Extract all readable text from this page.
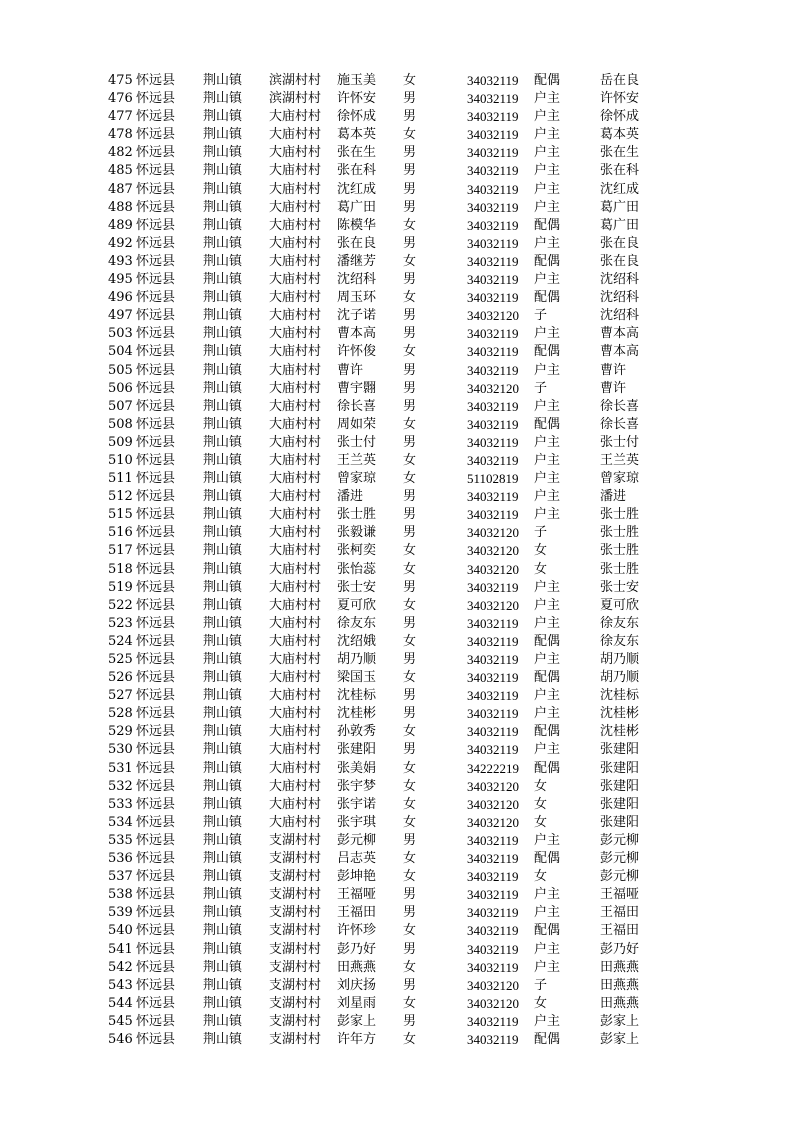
475 怀远县	荆山镇	滨湖村村	施玉美	女	34032119	配偶	岳在良
476 怀远县	荆山镇	滨湖村村	许怀安	男	34032119	户主	许怀安
477 怀远县	荆山镇	大庙村村	徐怀成	男	34032119	户主	徐怀成
478 怀远县	荆山镇	大庙村村	葛本英	女	34032119	户主	葛本英
482 怀远县	荆山镇	大庙村村	张在生	男	34032119	户主	张在生
485 怀远县	荆山镇	大庙村村	张在科	男	34032119	户主	张在科
487 怀远县	荆山镇	大庙村村	沈红成	男	34032119	户主	沈红成
488 怀远县	荆山镇	大庙村村	葛广田	男	34032119	户主	葛广田
489 怀远县	荆山镇	大庙村村	陈模华	女	34032119	配偶	葛广田
492 怀远县	荆山镇	大庙村村	张在良	男	34032119	户主	张在良
493 怀远县	荆山镇	大庙村村	潘继芳	女	34032119	配偶	张在良
495 怀远县	荆山镇	大庙村村	沈绍科	男	34032119	户主	沈绍科
496 怀远县	荆山镇	大庙村村	周玉环	女	34032119	配偶	沈绍科
497 怀远县	荆山镇	大庙村村	沈子诺	男	34032120	子	沈绍科
503 怀远县	荆山镇	大庙村村	曹本高	男	34032119	户主	曹本高
504 怀远县	荆山镇	大庙村村	许怀俊	女	34032119	配偶	曹本高
505 怀远县	荆山镇	大庙村村	曹许	男	34032119	户主	曹许
506 怀远县	荆山镇	大庙村村	曹宇翾	男	34032120	子	曹许
507 怀远县	荆山镇	大庙村村	徐长喜	男	34032119	户主	徐长喜
508 怀远县	荆山镇	大庙村村	周如荣	女	34032119	配偶	徐长喜
509 怀远县	荆山镇	大庙村村	张士付	男	34032119	户主	张士付
510 怀远县	荆山镇	大庙村村	王兰英	女	34032119	户主	王兰英
511 怀远县	荆山镇	大庙村村	曾家琼	女	51102819	户主	曾家琼
512 怀远县	荆山镇	大庙村村	潘进	男	34032119	户主	潘进
515 怀远县	荆山镇	大庙村村	张士胜	男	34032119	户主	张士胜
516 怀远县	荆山镇	大庙村村	张毅谦	男	34032120	子	张士胜
517 怀远县	荆山镇	大庙村村	张柯奕	女	34032120	女	张士胜
518 怀远县	荆山镇	大庙村村	张怡蕊	女	34032120	女	张士胜
519 怀远县	荆山镇	大庙村村	张士安	男	34032119	户主	张士安
522 怀远县	荆山镇	大庙村村	夏可欣	女	34032120	户主	夏可欣
523 怀远县	荆山镇	大庙村村	徐友东	男	34032119	户主	徐友东
524 怀远县	荆山镇	大庙村村	沈绍娥	女	34032119	配偶	徐友东
525 怀远县	荆山镇	大庙村村	胡乃顺	男	34032119	户主	胡乃顺
526 怀远县	荆山镇	大庙村村	梁国玉	女	34032119	配偶	胡乃顺
527 怀远县	荆山镇	大庙村村	沈桂标	男	34032119	户主	沈桂标
528 怀远县	荆山镇	大庙村村	沈桂彬	男	34032119	户主	沈桂彬
529 怀远县	荆山镇	大庙村村	孙敦秀	女	34032119	配偶	沈桂彬
530 怀远县	荆山镇	大庙村村	张建阳	男	34032119	户主	张建阳
531 怀远县	荆山镇	大庙村村	张美娟	女	34222219	配偶	张建阳
532 怀远县	荆山镇	大庙村村	张宇梦	女	34032120	女	张建阳
533 怀远县	荆山镇	大庙村村	张宇诺	女	34032120	女	张建阳
534 怀远县	荆山镇	大庙村村	张宇琪	女	34032120	女	张建阳
535 怀远县	荆山镇	支湖村村	彭元柳	男	34032119	户主	彭元柳
536 怀远县	荆山镇	支湖村村	吕志英	女	34032119	配偶	彭元柳
537 怀远县	荆山镇	支湖村村	彭坤艳	女	34032119	女	彭元柳
538 怀远县	荆山镇	支湖村村	王福哑	男	34032119	户主	王福哑
539 怀远县	荆山镇	支湖村村	王福田	男	34032119	户主	王福田
540 怀远县	荆山镇	支湖村村	许怀珍	女	34032119	配偶	王福田
541 怀远县	荆山镇	支湖村村	彭乃好	男	34032119	户主	彭乃好
542 怀远县	荆山镇	支湖村村	田燕燕	女	34032119	户主	田燕燕
543 怀远县	荆山镇	支湖村村	刘庆扬	男	34032120	子	田燕燕
544 怀远县	荆山镇	支湖村村	刘星雨	女	34032120	女	田燕燕
545 怀远县	荆山镇	支湖村村	彭家上	男	34032119	户主	彭家上
546 怀远县	荆山镇	支湖村村	许年方	女	34032119	配偶	彭家上
